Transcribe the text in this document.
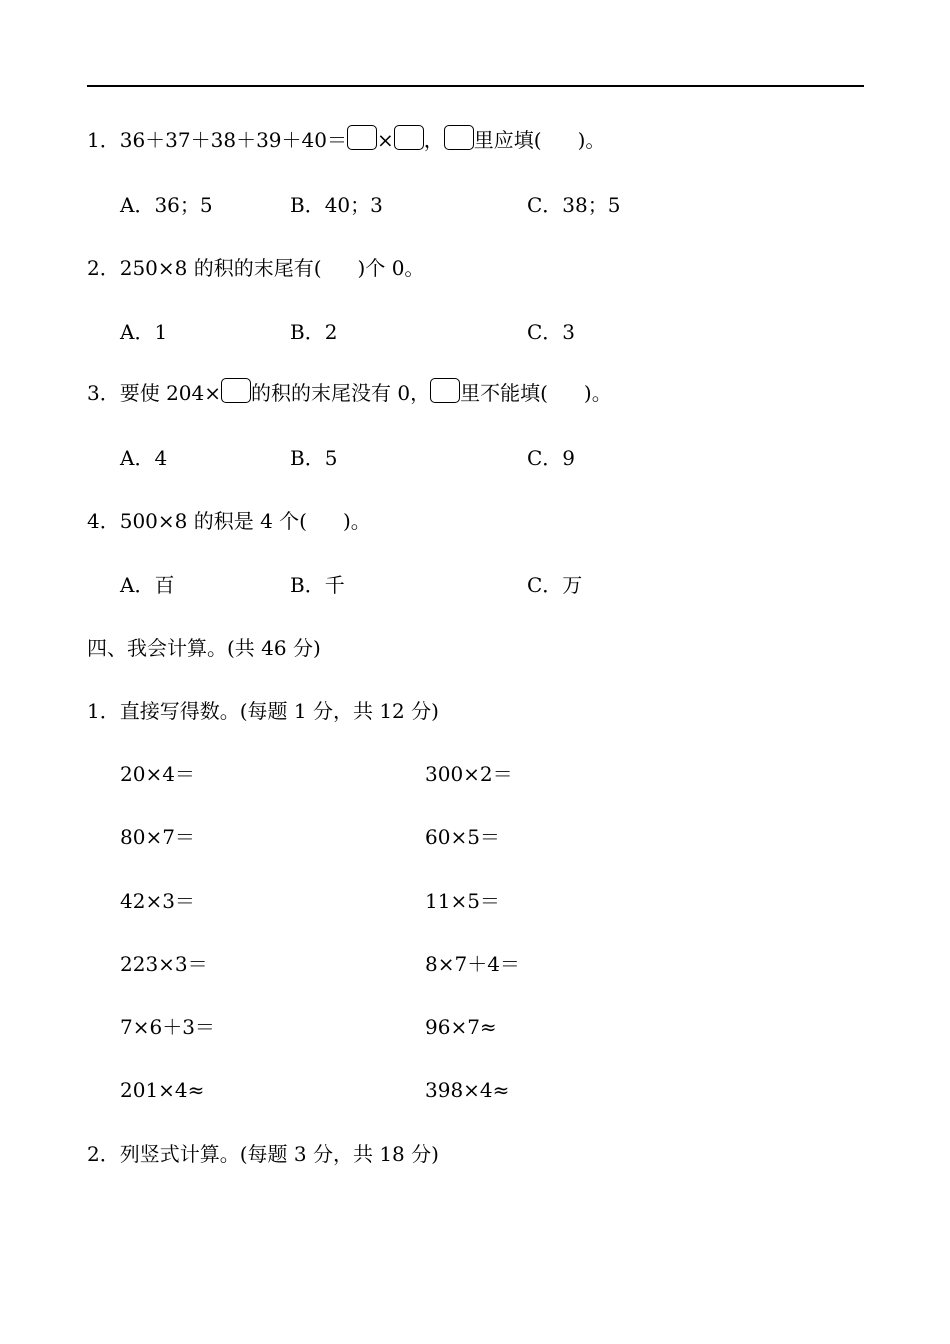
1．36＋37＋38＋39＋40＝ × ， 里应填( )。
A．36；5	B．40；3	C．38；5
2．250×8 的积的末尾有( )个 0。
A．1	B．2	C．3
3．要使 204× 的积的末尾没有 0， 里不能填( )。
A．4	B．5	C．9
4．500×8 的积是 4 个( )。
A．百	B．千	C．万
四、我会计算。(共 46 分)
1．直接写得数。(每题 1 分，共 12 分)
20×4＝	300×2＝
80×7＝	60×5＝
42×3＝	11×5＝
223×3＝	8×7＋4＝
7×6＋3＝	96×7≈
201×4≈	398×4≈
2．列竖式计算。(每题 3 分，共 18 分)
